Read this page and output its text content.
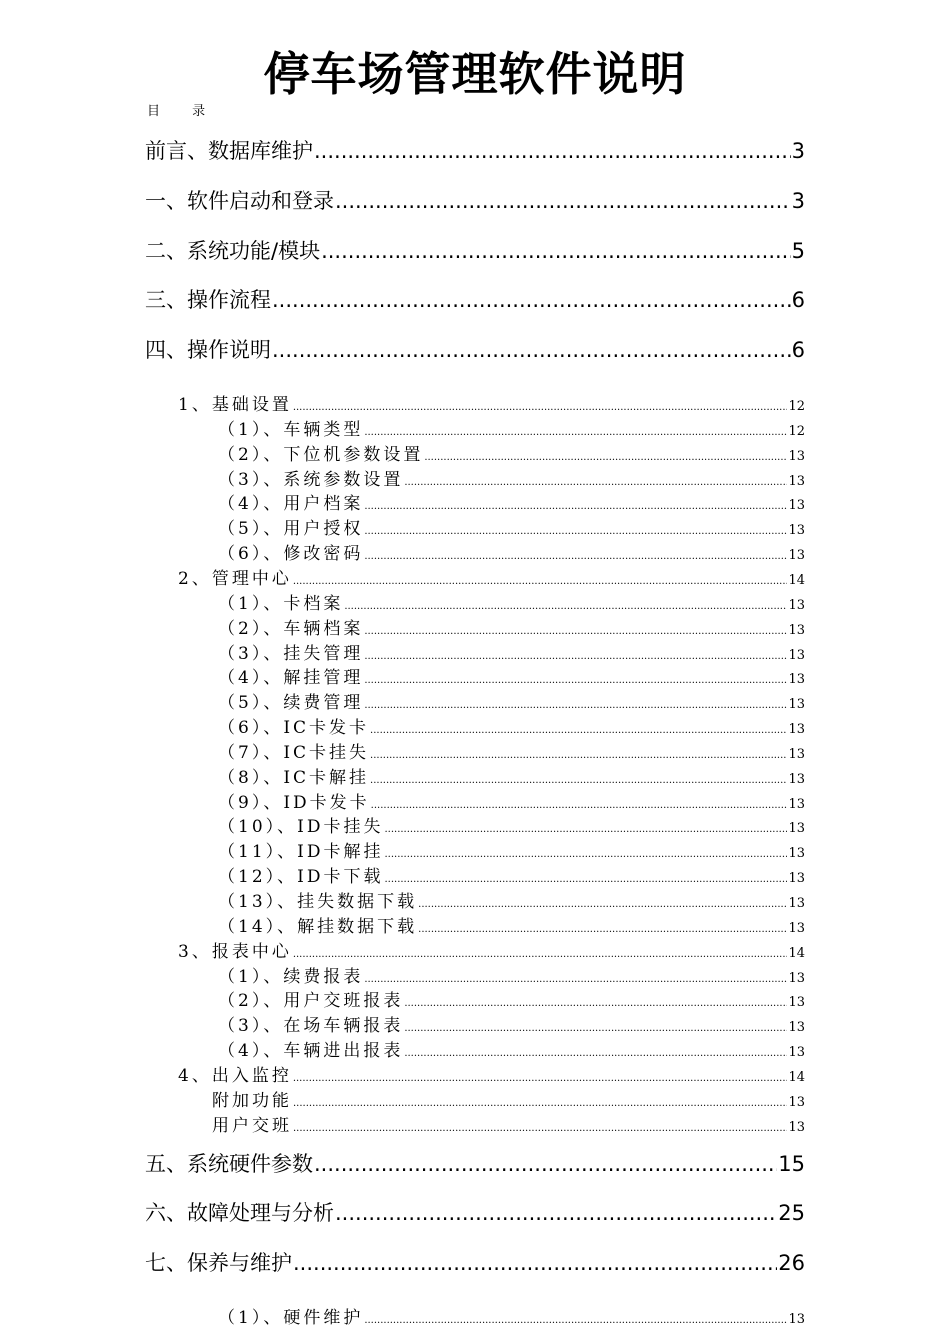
停车场管理软件说明
目 录
前言、数据库维护 .....	3
一、软件启动和登录 .....	3
二、系统功能/模块 .....	5
三、操作流程 .....	6
四、操作说明 .....	6
1、基础设置 .....	12
（1）、车辆类型 .....	12
（2）、下位机参数设置 .....	13
（3）、系统参数设置 .....	13
（4）、用户档案 .....	13
（5）、用户授权 .....	13
（6）、修改密码 .....	13
2、管理中心 .....	14
（1）、卡档案 .....	13
（2）、车辆档案 .....	13
（3）、挂失管理 .....	13
（4）、解挂管理 .....	13
（5）、续费管理 .....	13
（6）、IC卡发卡 .....	13
（7）、IC卡挂失 .....	13
（8）、IC卡解挂 .....	13
（9）、ID卡发卡 .....	13
（10）、ID卡挂失 .....	13
（11）、ID卡解挂 .....	13
（12）、ID卡下载 .....	13
（13）、挂失数据下载 .....	13
（14）、解挂数据下载 .....	13
3、报表中心 .....	14
（1）、续费报表 .....	13
（2）、用户交班报表 .....	13
（3）、在场车辆报表 .....	13
（4）、车辆进出报表 .....	13
4、出入监控 .....	14
附加功能 .....	13
用户交班 .....	13
五、系统硬件参数 .....	15
六、故障处理与分析 .....	25
七、保养与维护 .....	26
（1）、硬件维护 .....	13
